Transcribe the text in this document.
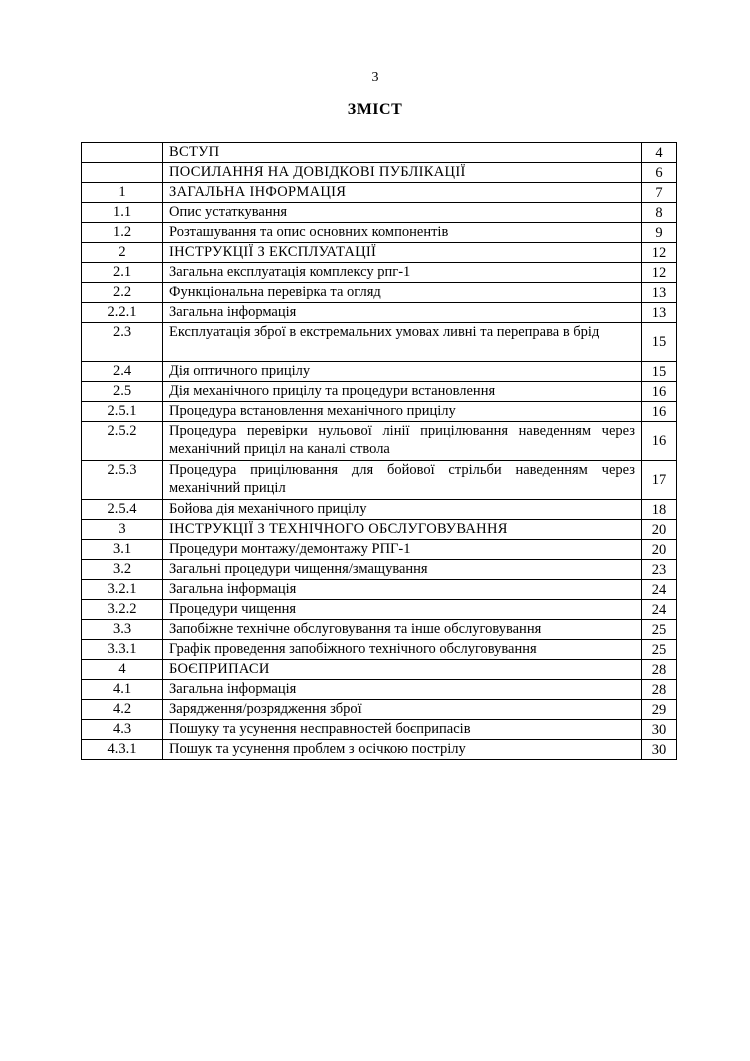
3
ЗМІСТ
	ВСТУП	4
	ПОСИЛАННЯ НА ДОВІДКОВІ ПУБЛІКАЦІЇ	6
1	ЗАГАЛЬНА ІНФОРМАЦІЯ	7
1.1	Опис устаткування	8
1.2	Розташування та опис основних компонентів	9
2	ІНСТРУКЦІЇ З ЕКСПЛУАТАЦІЇ	12
2.1	Загальна експлуатація комплексу рпг-1	12
2.2	Функціональна перевірка та огляд	13
2.2.1	Загальна інформація	13
2.3	Експлуатація зброї в екстремальних умовах ливні та переправа в брід	15
2.4	Дія оптичного прицілу	15
2.5	Дія механічного прицілу та процедури встановлення	16
2.5.1	Процедура встановлення механічного прицілу	16
2.5.2	Процедура перевірки нульової лінії прицілювання наведенням через механічний приціл на каналі ствола	16
2.5.3	Процедура прицілювання для бойової стрільби наведенням через механічний приціл	17
2.5.4	Бойова дія механічного прицілу	18
3	ІНСТРУКЦІЇ З ТЕХНІЧНОГО ОБСЛУГОВУВАННЯ	20
3.1	Процедури монтажу/демонтажу РПГ-1	20
3.2	Загальні процедури чищення/змащування	23
3.2.1	Загальна інформація	24
3.2.2	Процедури чищення	24
3.3	Запобіжне технічне обслуговування та інше обслуговування	25
3.3.1	Графік проведення запобіжного технічного обслуговування	25
4	БОЄПРИПАСИ	28
4.1	Загальна інформація	28
4.2	Зарядження/розрядження зброї	29
4.3	Пошуку та усунення несправностей боєприпасів	30
4.3.1	Пошук та усунення проблем з осічкою пострілу	30
